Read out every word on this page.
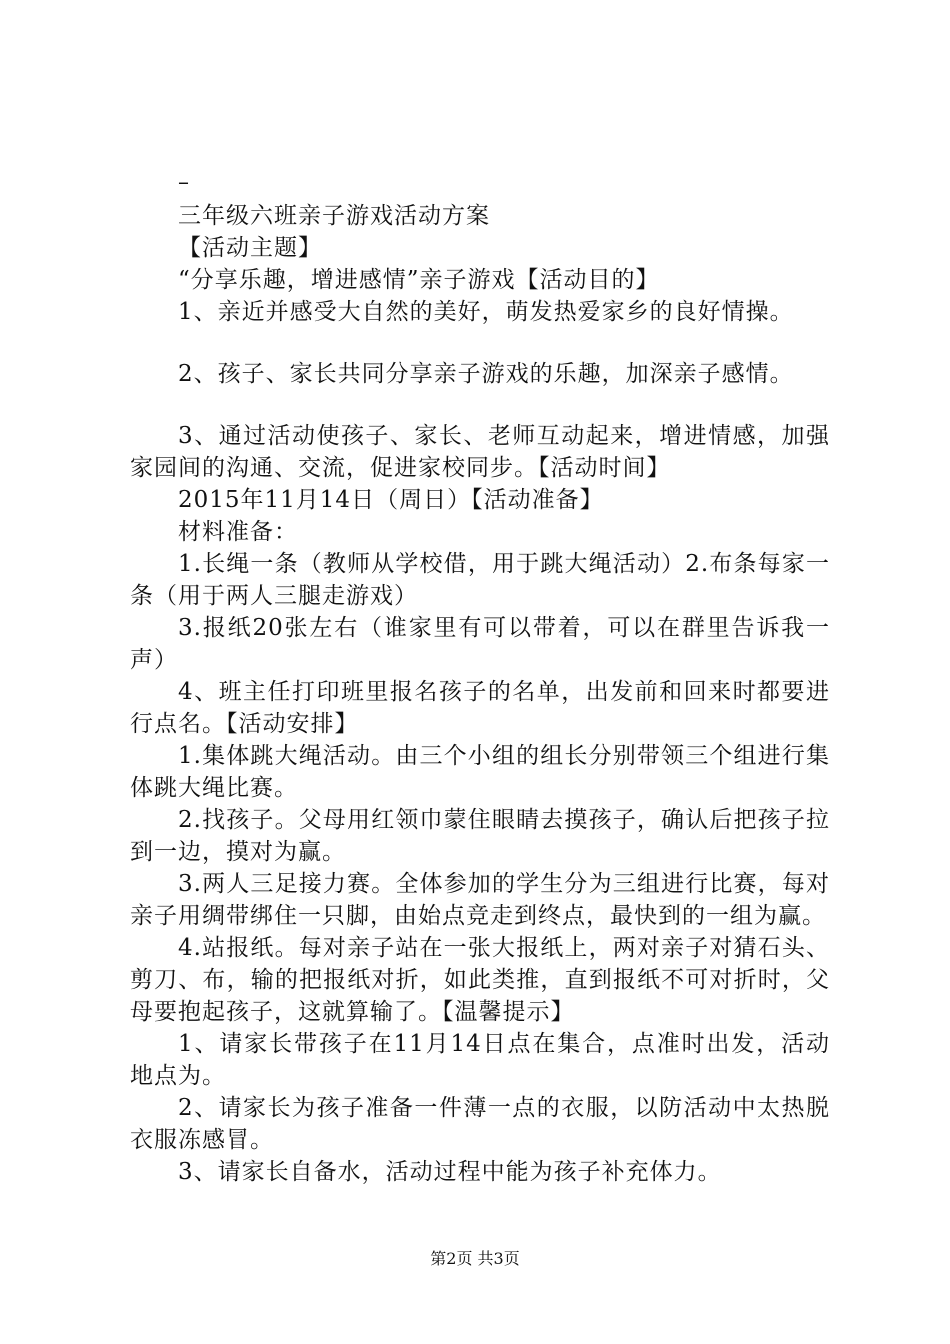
–

三年级六班亲子游戏活动方案

【活动主题】

“分享乐趣，增进感情”亲子游戏【活动目的】

1、亲近并感受大自然的美好，萌发热爱家乡的良好情操。

2、孩子、家长共同分享亲子游戏的乐趣，加深亲子感情。

3、通过活动使孩子、家长、老师互动起来，增进情感，加强家园间的沟通、交流，促进家校同步。【活动时间】

2015年11月14日（周日）【活动准备】

材料准备：

1.长绳一条（教师从学校借，用于跳大绳活动）2.布条每家一条（用于两人三腿走游戏）

3.报纸20张左右（谁家里有可以带着，可以在群里告诉我一声）

4、班主任打印班里报名孩子的名单，出发前和回来时都要进行点名。【活动安排】

1.集体跳大绳活动。由三个小组的组长分别带领三个组进行集体跳大绳比赛。

2.找孩子。父母用红领巾蒙住眼睛去摸孩子，确认后把孩子拉到一边，摸对为赢。

3.两人三足接力赛。全体参加的学生分为三组进行比赛，每对亲子用绸带绑住一只脚，由始点竞走到终点，最快到的一组为赢。

4.站报纸。每对亲子站在一张大报纸上，两对亲子对猜石头、剪刀、布，输的把报纸对折，如此类推，直到报纸不可对折时，父母要抱起孩子，这就算输了。【温馨提示】

1、请家长带孩子在11月14日点在集合，点准时出发，活动地点为。

2、请家长为孩子准备一件薄一点的衣服，以防活动中太热脱衣服冻感冒。

3、请家长自备水，活动过程中能为孩子补充体力。

第2页 共3页
